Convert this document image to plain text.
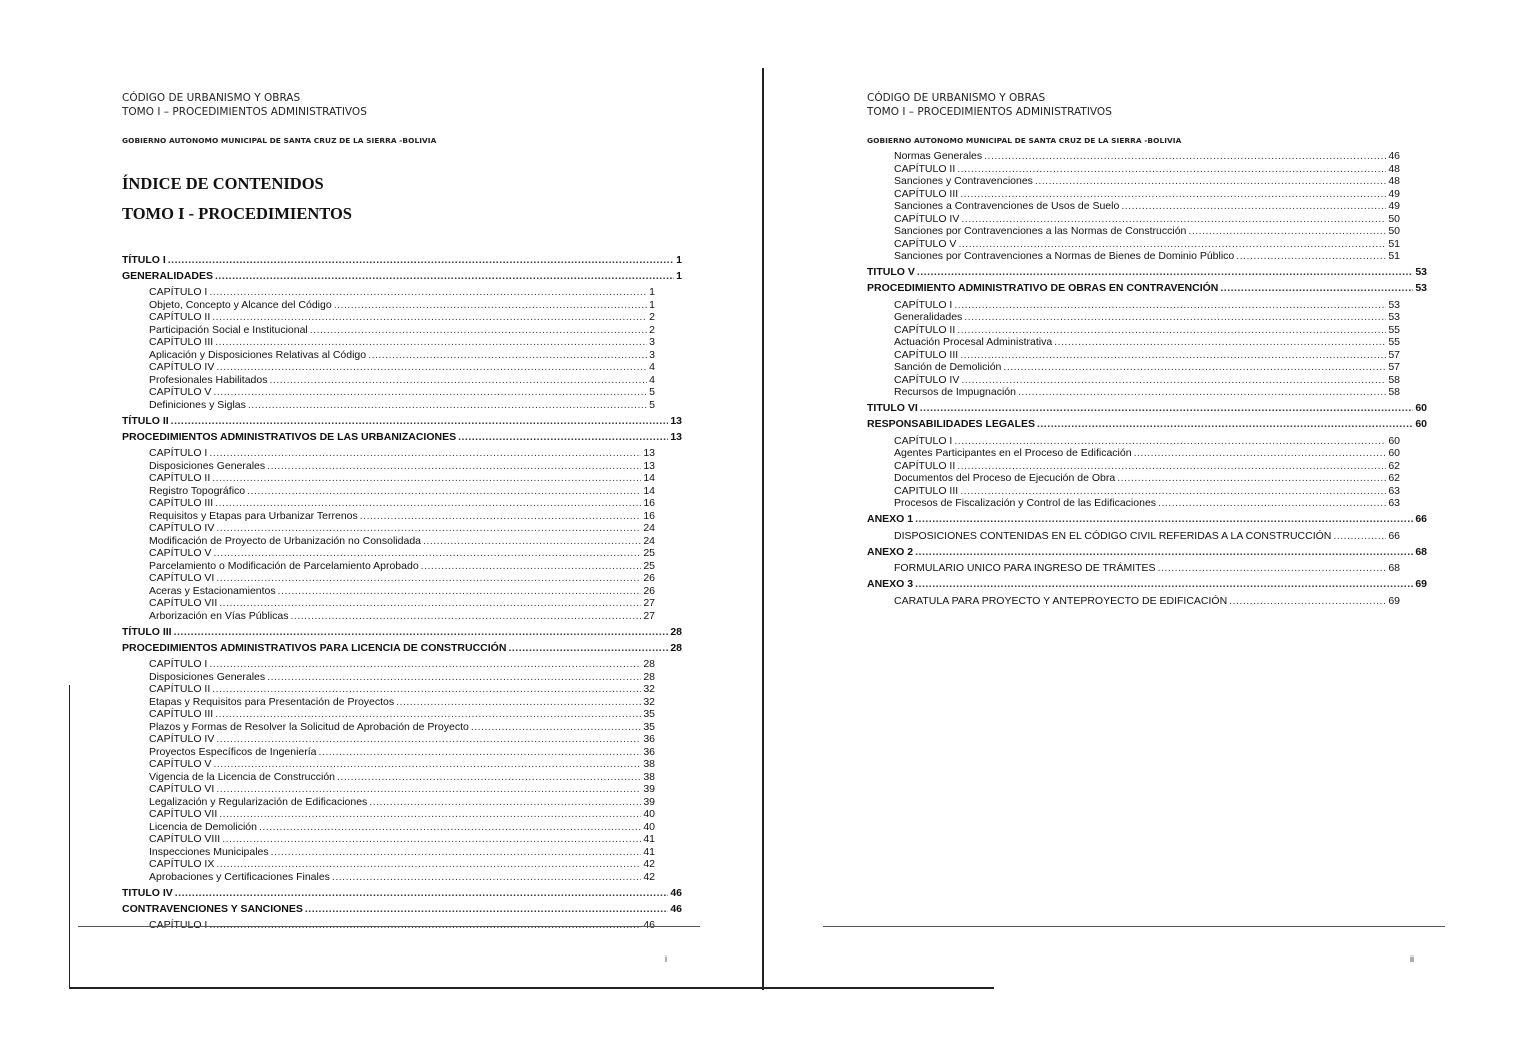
CÓDIGO DE URBANISMO Y OBRAS
TOMO I – PROCEDIMIENTOS ADMINISTRATIVOS
GOBIERNO AUTONOMO MUNICIPAL DE SANTA CRUZ DE LA SIERRA -BOLIVIA
ÍNDICE DE CONTENIDOS
TOMO I - PROCEDIMIENTOS
TÍTULO I .....	1
GENERALIDADES .....	1
CAPÍTULO I .....	1
Objeto, Concepto y Alcance del Código .....	1
CAPÍTULO II .....	2
Participación Social e Institucional .....	2
CAPÍTULO III .....	3
Aplicación y Disposiciones Relativas al Código .....	3
CAPÍTULO IV .....	4
Profesionales Habilitados .....	4
CAPÍTULO V .....	5
Definiciones y Siglas .....	5
TÍTULO II .....	13
PROCEDIMIENTOS ADMINISTRATIVOS DE LAS URBANIZACIONES .....	13
CAPÍTULO I .....	13
Disposiciones Generales .....	13
CAPÍTULO II .....	14
Registro Topográfico .....	14
CAPÍTULO III .....	16
Requisitos y Etapas para Urbanizar Terrenos .....	16
CAPÍTULO IV .....	24
Modificación de Proyecto de Urbanización no Consolidada .....	24
CAPÍTULO V .....	25
Parcelamiento o Modificación de Parcelamiento Aprobado .....	25
CAPÍTULO VI .....	26
Aceras y Estacionamientos .....	26
CAPÍTULO VII .....	27
Arborización en Vías Públicas .....	27
TÍTULO III .....	28
PROCEDIMIENTOS ADMINISTRATIVOS PARA LICENCIA DE CONSTRUCCIÓN .....	28
CAPÍTULO I .....	28
Disposiciones Generales .....	28
CAPÍTULO II .....	32
Etapas y Requisitos para Presentación de Proyectos .....	32
CAPÍTULO III .....	35
Plazos y Formas de Resolver la Solicitud de Aprobación de Proyecto .....	35
CAPÍTULO IV .....	36
Proyectos Específicos de Ingeniería .....	36
CAPÍTULO V .....	38
Vigencia de la Licencia de Construcción .....	38
CAPÍTULO VI .....	39
Legalización y Regularización de Edificaciones .....	39
CAPÍTULO VII .....	40
Licencia de Demolición .....	40
CAPÍTULO VIII .....	41
Inspecciones Municipales .....	41
CAPÍTULO IX .....	42
Aprobaciones y Certificaciones Finales .....	42
TITULO IV .....	46
CONTRAVENCIONES Y SANCIONES .....	46
CAPÍTULO I .....	46
i
CÓDIGO DE URBANISMO Y OBRAS
TOMO I – PROCEDIMIENTOS ADMINISTRATIVOS
GOBIERNO AUTONOMO MUNICIPAL DE SANTA CRUZ DE LA SIERRA -BOLIVIA
Normas Generales .....	46
CAPÍTULO II .....	48
Sanciones y Contravenciones .....	48
CAPÍTULO III .....	49
Sanciones a Contravenciones de Usos de Suelo .....	49
CAPÍTULO IV .....	50
Sanciones por Contravenciones a las Normas de Construcción .....	50
CAPÍTULO V .....	51
Sanciones por Contravenciones a Normas de Bienes de Dominio Público .....	51
TITULO V .....	53
PROCEDIMIENTO ADMINISTRATIVO DE OBRAS EN CONTRAVENCIÓN .....	53
CAPÍTULO I .....	53
Generalidades .....	53
CAPÍTULO II .....	55
Actuación Procesal Administrativa .....	55
CAPÍTULO III .....	57
Sanción de Demolición .....	57
CAPÍTULO IV .....	58
Recursos de Impugnación .....	58
TITULO VI .....	60
RESPONSABILIDADES LEGALES .....	60
CAPÍTULO I .....	60
Agentes Participantes en el Proceso de Edificación .....	60
CAPÍTULO II .....	62
Documentos del Proceso de Ejecución de Obra .....	62
CAPITULO III .....	63
Procesos de Fiscalización y Control de las Edificaciones .....	63
ANEXO 1 .....	66
DISPOSICIONES CONTENIDAS EN EL CÓDIGO CIVIL REFERIDAS A LA CONSTRUCCIÓN .....	66
ANEXO 2 .....	68
FORMULARIO UNICO PARA INGRESO DE TRÁMITES .....	68
ANEXO 3 .....	69
CARATULA PARA PROYECTO Y ANTEPROYECTO DE EDIFICACIÓN .....	69
ii
